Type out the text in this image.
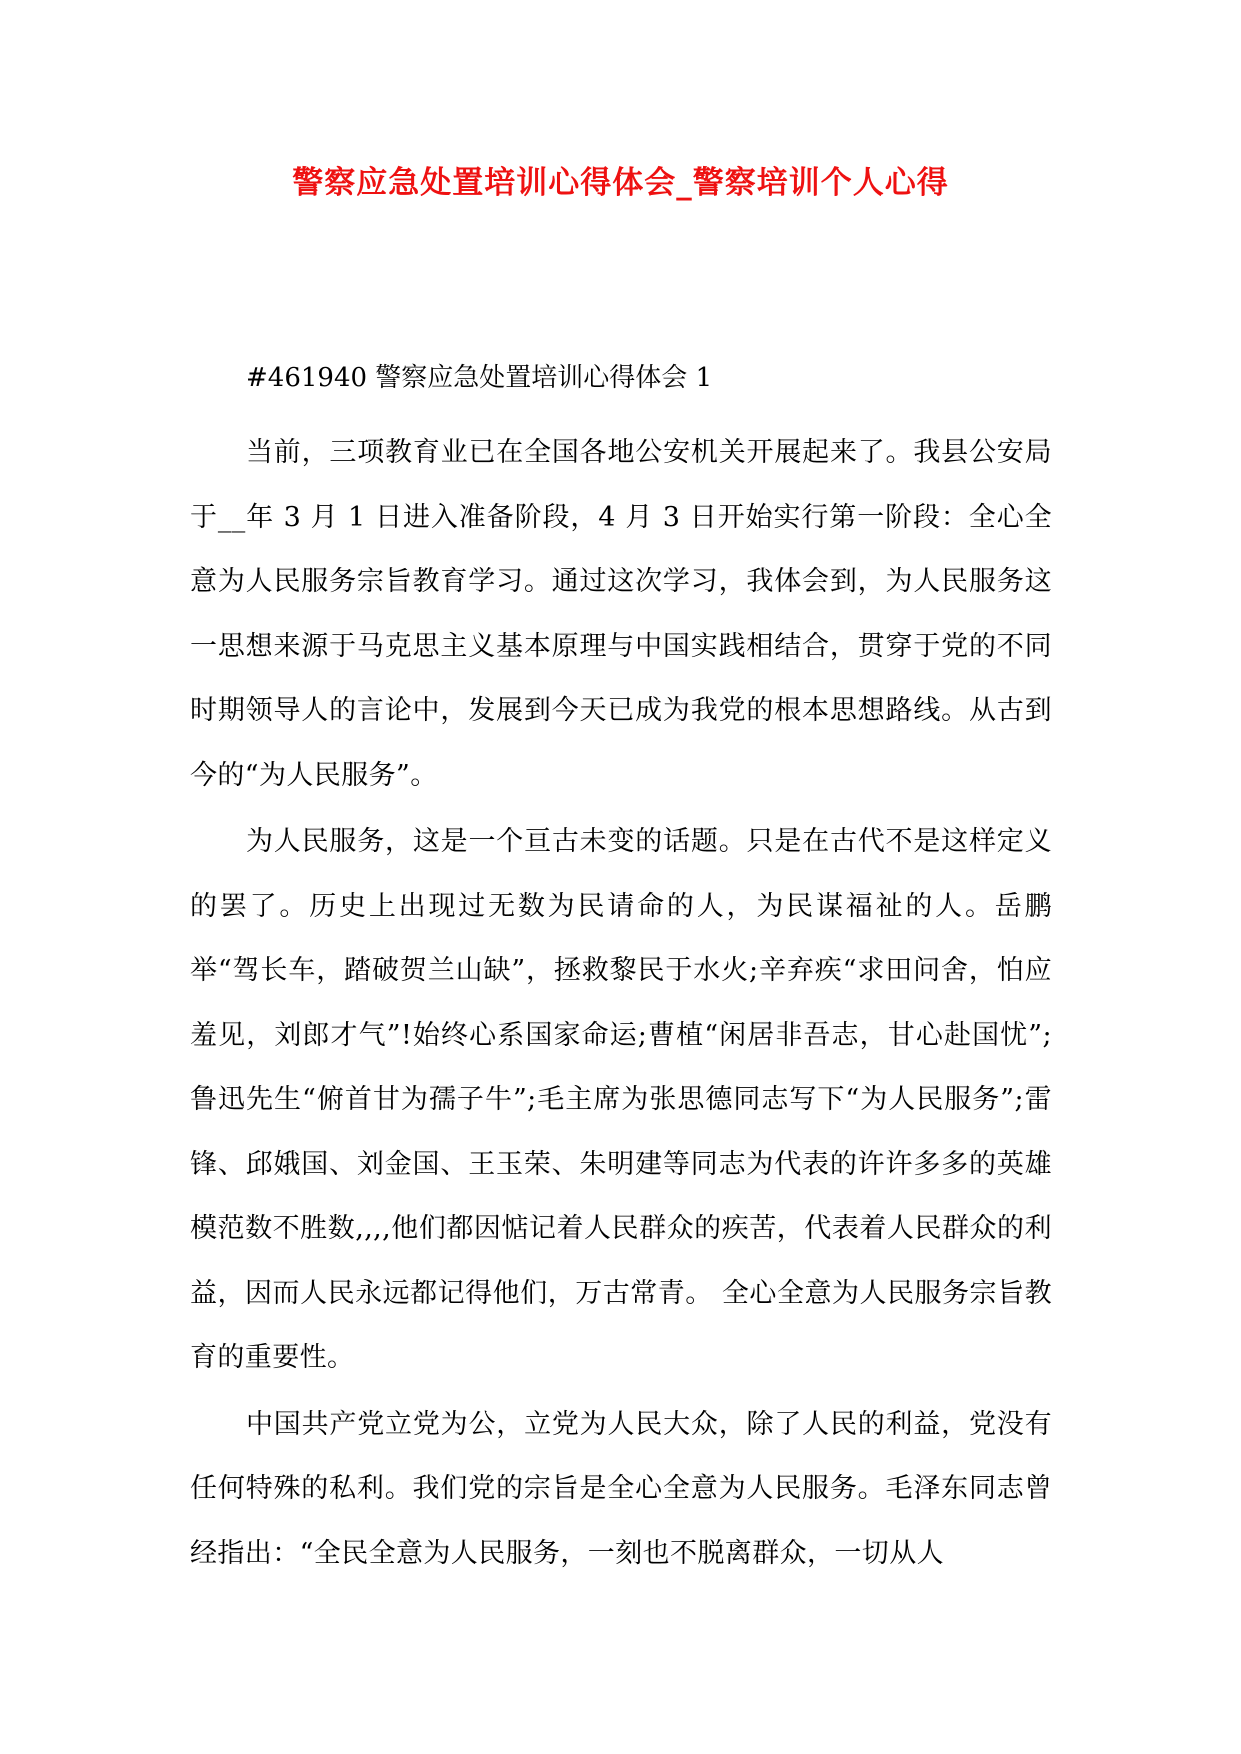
警察应急处置培训心得体会_警察培训个人心得

#461940 警察应急处置培训心得体会 1

当前，三项教育业已在全国各地公安机关开展起来了。我县公安局于__年 3 月 1 日进入准备阶段，4 月 3 日开始实行第一阶段：全心全意为人民服务宗旨教育学习。通过这次学习，我体会到，为人民服务这一思想来源于马克思主义基本原理与中国实践相结合，贯穿于党的不同时期领导人的言论中，发展到今天已成为我党的根本思想路线。从古到今的“为人民服务”。

为人民服务，这是一个亘古未变的话题。只是在古代不是这样定义的罢了。历史上出现过无数为民请命的人，为民谋福祉的人。岳鹏举“驾长车，踏破贺兰山缺”，拯救黎民于水火;辛弃疾“求田问舍，怕应羞见，刘郎才气”!始终心系国家命运;曹植“闲居非吾志，甘心赴国忧”;鲁迅先生“俯首甘为孺子牛”;毛主席为张思德同志写下“为人民服务”;雷锋、邱娥国、刘金国、王玉荣、朱明建等同志为代表的许许多多的英雄模范数不胜数,,,,他们都因惦记着人民群众的疾苦，代表着人民群众的利益，因而人民永远都记得他们，万古常青。 全心全意为人民服务宗旨教育的重要性。

中国共产党立党为公，立党为人民大众，除了人民的利益，党没有任何特殊的私利。我们党的宗旨是全心全意为人民服务。毛泽东同志曾经指出：“全民全意为人民服务，一刻也不脱离群众，一切从人
